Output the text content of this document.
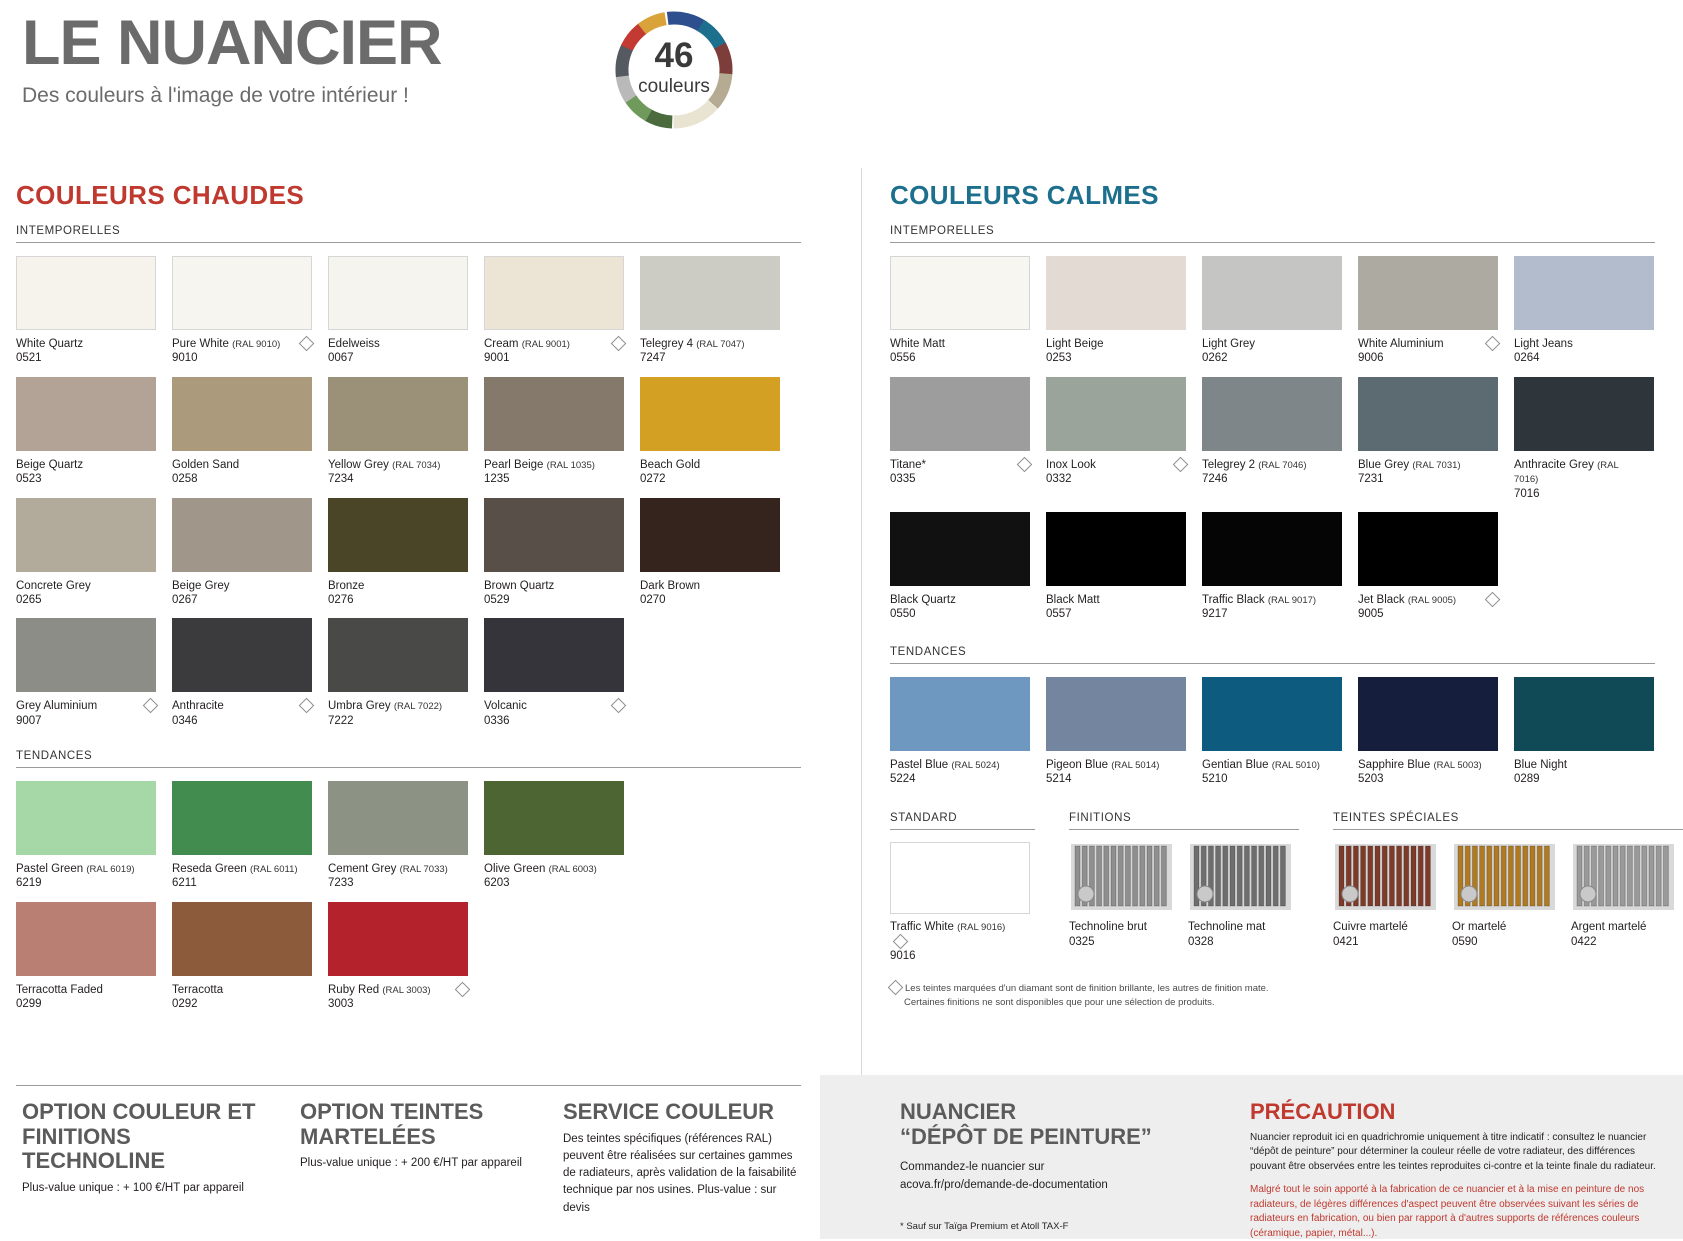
LE NUANCIER
Des couleurs à l'image de votre intérieur !
46
couleurs
COULEURS CHAUDES
INTEMPORELLES
White Quartz
0521
Pure White (RAL 9010)
9010
Edelweiss
0067
Cream (RAL 9001)
9001
Telegrey 4 (RAL 7047)
7247
Beige Quartz
0523
Golden Sand
0258
Yellow Grey (RAL 7034)
7234
Pearl Beige (RAL 1035)
1235
Beach Gold
0272
Concrete Grey
0265
Beige Grey
0267
Bronze
0276
Brown Quartz
0529
Dark Brown
0270
Grey Aluminium
9007
Anthracite
0346
Umbra Grey (RAL 7022)
7222
Volcanic
0336
TENDANCES
Pastel Green (RAL 6019)
6219
Reseda Green (RAL 6011)
6211
Cement Grey (RAL 7033)
7233
Olive Green (RAL 6003)
6203
Terracotta Faded
0299
Terracotta
0292
Ruby Red (RAL 3003)
3003
COULEURS CALMES
INTEMPORELLES
White Matt
0556
Light Beige
0253
Light Grey
0262
White Aluminium
9006
Light Jeans
0264
Titane*
0335
Inox Look
0332
Telegrey 2 (RAL 7046)
7246
Blue Grey (RAL 7031)
7231
Anthracite Grey (RAL 7016)
7016
Black Quartz
0550
Black Matt
0557
Traffic Black (RAL 9017)
9217
Jet Black (RAL 9005)
9005
TENDANCES
Pastel Blue (RAL 5024)
5224
Pigeon Blue (RAL 5014)
5214
Gentian Blue (RAL 5010)
5210
Sapphire Blue (RAL 5003)
5203
Blue Night
0289
STANDARD
Traffic White (RAL 9016)
9016
FINITIONS
Technoline brut
0325
Technoline mat
0328
TEINTES SPÉCIALES
Cuivre martelé
0421
Or martelé
0590
Argent martelé
0422
Les teintes marquées d'un diamant sont de finition brillante, les autres de finition mate.
Certaines finitions ne sont disponibles que pour une sélection de produits.
OPTION COULEUR ET FINITIONS TECHNOLINE

Plus-value unique : + 100 €/HT par appareil

OPTION TEINTES MARTELÉES

Plus-value unique : + 200 €/HT par appareil

SERVICE COULEUR

Des teintes spécifiques (références RAL) peuvent être réalisées sur certaines gammes de radiateurs, après validation de la faisabilité technique par nos usines. Plus-value : sur devis

NUANCIER
“DÉPÔT DE PEINTURE”

Commandez-le nuancier sur
acova.fr/pro/demande-de-documentation

* Sauf sur Taïga Premium et Atoll TAX-F

PRÉCAUTION

Nuancier reproduit ici en quadrichromie uniquement à titre indicatif : consultez le nuancier “dépôt de peinture” pour déterminer la couleur réelle de votre radiateur, des différences pouvant être observées entre les teintes reproduites ci-contre et la teinte finale du radiateur.

Malgré tout le soin apporté à la fabrication de ce nuancier et à la mise en peinture de nos radiateurs, de légères différences d'aspect peuvent être observées suivant les séries de radiateurs en fabrication, ou bien par rapport à d'autres supports de références couleurs (céramique, papier, métal...).
